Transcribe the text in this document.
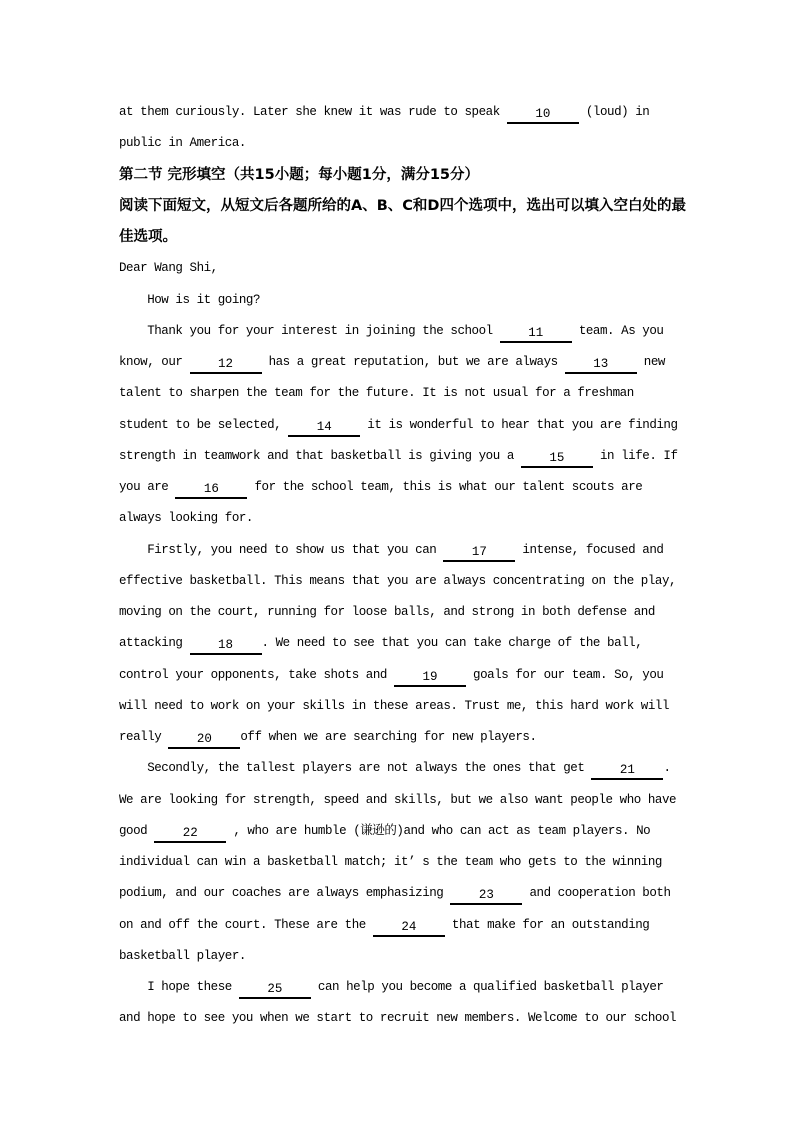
at them curiously. Later she knew it was rude to speak 10 (loud) in
public in America.
第二节 完形填空（共15小题；每小题1分，满分15分）
阅读下面短文，从短文后各题所给的A、B、C和D四个选项中，选出可以填入空白处的最
佳选项。
Dear Wang Shi,
How is it going?
Thank you for your interest in joining the school 11 team. As you
know, our 12 has a great reputation, but we are always 13 new
talent to sharpen the team for the future. It is not usual for a freshman
student to be selected, 14 it is wonderful to hear that you are finding
strength in teamwork and that basketball is giving you a 15 in life. If
you are 16 for the school team, this is what our talent scouts are
always looking for.
Firstly, you need to show us that you can 17 intense, focused and
effective basketball. This means that you are always concentrating on the play,
moving on the court, running for loose balls, and strong in both defense and
attacking 18 . We need to see that you can take charge of the ball,
control your opponents, take shots and 19 goals for our team. So, you
will need to work on your skills in these areas. Trust me, this hard work will
really 20 off when we are searching for new players.
Secondly, the tallest players are not always the ones that get 21 .
We are looking for strength, speed and skills, but we also want people who have
good 22 , who are humble (谦逊的)and who can act as team players. No
individual can win a basketball match; it’ s the team who gets to the winning
podium, and our coaches are always emphasizing 23 and cooperation both
on and off the court. These are the 24 that make for an outstanding
basketball player.
I hope these 25 can help you become a qualified basketball player
and hope to see you when we start to recruit new members. Welcome to our school
